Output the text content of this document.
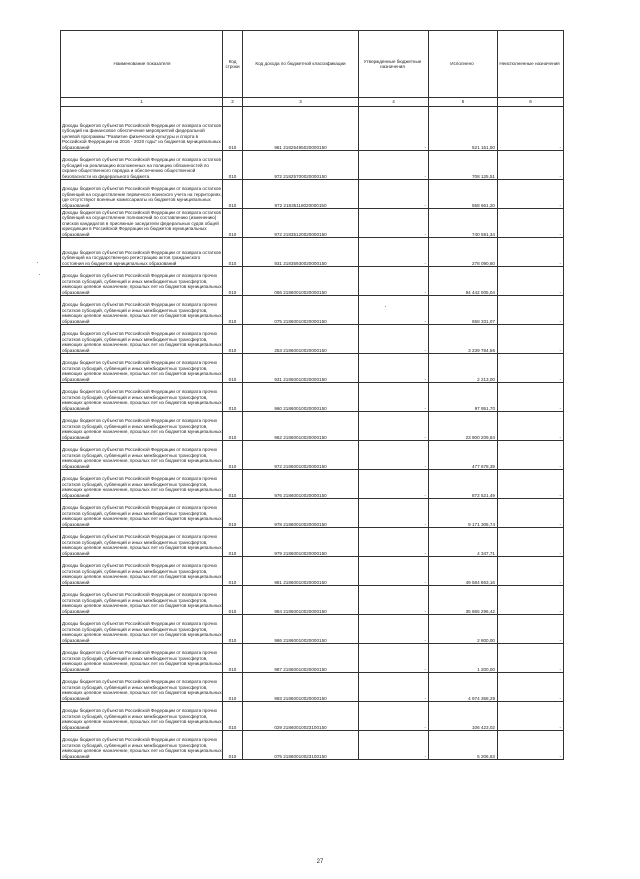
Наименование показателя	Код строки	Код дохода по бюджетной классификации	Утвержденные бюджетные назначения	Исполнено	Неисполненные назначения
1	2	3	4	5	6
Доходы бюджетов субъектов Российской Федерации от возврата остатков субсидий на финансовое обеспечение мероприятий федеральной целевой программы "Развитие физической культуры и спорта в Российской Федерации на 2016 - 2020 годы" из бюджетов муниципальных образований	010	981 21825495020000150	-	521 151,50	-
Доходы бюджетов субъектов Российской Федерации от возврата остатков субсидий на реализацию возложенных на полицию обязанностей по охране общественного порядка и обеспечению общественной безопасности из федерального бюджета	010	972 21825700020000150	-	708 125,51	-
Доходы бюджетов субъектов Российской Федерации от возврата остатков субвенций на осуществление первичного воинского учета на территориях, где отсутствуют военные комиссариаты из бюджетов муниципальных образований	010	972 21835118020000150	-	558 661,20	-
Доходы бюджетов субъектов Российской Федерации от возврата остатков субвенций на осуществление полномочий по составлению (изменению) списков кандидатов в присяжные заседатели федеральных судов общей юрисдикции в Российской Федерации из бюджетов муниципальных образований	010	972 21835120020000150	-	740 591,34	-
Доходы бюджетов субъектов Российской Федерации от возврата остатков субвенций на государственную регистрацию актов гражданского состояния из бюджетов муниципальных образований	010	931 21835930020000150	-	278 090,60	-
Доходы бюджетов субъектов Российской Федерации от возврата прочих остатков субсидий, субвенций и иных межбюджетных трансфертов, имеющих целевое назначение, прошлых лет из бюджетов муниципальных образований	010	066 21860010020000150	-	94 442 005,04	-
Доходы бюджетов субъектов Российской Федерации от возврата прочих остатков субсидий, субвенций и иных межбюджетных трансфертов, имеющих целевое назначение, прошлых лет из бюджетов муниципальных образований	010	075 21860010020000150	-	658 331,07	-
Доходы бюджетов субъектов Российской Федерации от возврата прочих остатков субсидий, субвенций и иных межбюджетных трансфертов, имеющих целевое назначение, прошлых лет из бюджетов муниципальных образований	010	253 21860010020000150	-	3 239 784,56	-
Доходы бюджетов субъектов Российской Федерации от возврата прочих остатков субсидий, субвенций и иных межбюджетных трансфертов, имеющих целевое назначение, прошлых лет из бюджетов муниципальных образований	010	931 21860010020000150	-	2 213,00	-
Доходы бюджетов субъектов Российской Федерации от возврата прочих остатков субсидий, субвенций и иных межбюджетных трансфертов, имеющих целевое назначение, прошлых лет из бюджетов муниципальных образований	010	960 21860010020000150	-	97 951,70	-
Доходы бюджетов субъектов Российской Федерации от возврата прочих остатков субсидий, субвенций и иных межбюджетных трансфертов, имеющих целевое назначение, прошлых лет из бюджетов муниципальных образований	010	962 21860010020000150	-	23 900 209,84	-
Доходы бюджетов субъектов Российской Федерации от возврата прочих остатков субсидий, субвенций и иных межбюджетных трансфертов, имеющих целевое назначение, прошлых лет из бюджетов муниципальных образований	010	972 21860010020000150	-	477 678,39	-
Доходы бюджетов субъектов Российской Федерации от возврата прочих остатков субсидий, субвенций и иных межбюджетных трансфертов, имеющих целевое назначение, прошлых лет из бюджетов муниципальных образований	010	976 21860010020000150	-	872 521,49	-
Доходы бюджетов субъектов Российской Федерации от возврата прочих остатков субсидий, субвенций и иных межбюджетных трансфертов, имеющих целевое назначение, прошлых лет из бюджетов муниципальных образований	010	978 21860010020000150	-	9 171 305,74	-
Доходы бюджетов субъектов Российской Федерации от возврата прочих остатков субсидий, субвенций и иных межбюджетных трансфертов, имеющих целевое назначение, прошлых лет из бюджетов муниципальных образований	010	979 21860010020000150	-	4 347,71	-
Доходы бюджетов субъектов Российской Федерации от возврата прочих остатков субсидий, субвенций и иных межбюджетных трансфертов, имеющих целевое назначение, прошлых лет из бюджетов муниципальных образований	010	981 21860010020000150	-	49 584 863,16	-
Доходы бюджетов субъектов Российской Федерации от возврата прочих остатков субсидий, субвенций и иных межбюджетных трансфертов, имеющих целевое назначение, прошлых лет из бюджетов муниципальных образований	010	984 21860010020000150	-	35 865 296,42	-
Доходы бюджетов субъектов Российской Федерации от возврата прочих остатков субсидий, субвенций и иных межбюджетных трансфертов, имеющих целевое назначение, прошлых лет из бюджетов муниципальных образований	010	986 21860010020000150	-	2 800,00	-
Доходы бюджетов субъектов Российской Федерации от возврата прочих остатков субсидий, субвенций и иных межбюджетных трансфертов, имеющих целевое назначение, прошлых лет из бюджетов муниципальных образований	010	987 21860010020000150	-	1 200,00	-
Доходы бюджетов субъектов Российской Федерации от возврата прочих остатков субсидий, субвенций и иных межбюджетных трансфертов, имеющих целевое назначение, прошлых лет из бюджетов муниципальных образований	010	993 21860010020000150	-	4 974 358,29	-
Доходы бюджетов субъектов Российской Федерации от возврата прочих остатков субсидий, субвенций и иных межбюджетных трансфертов, имеющих целевое назначение, прошлых лет из бюджетов муниципальных образований	010	029 21860010023100150	-	106 423,02	-
Доходы бюджетов субъектов Российской Федерации от возврата прочих остатков субсидий, субвенций и иных межбюджетных трансфертов, имеющих целевое назначение, прошлых лет из бюджетов муниципальных образований	010	075 21860010023100150	-	5 206,63	-
27
